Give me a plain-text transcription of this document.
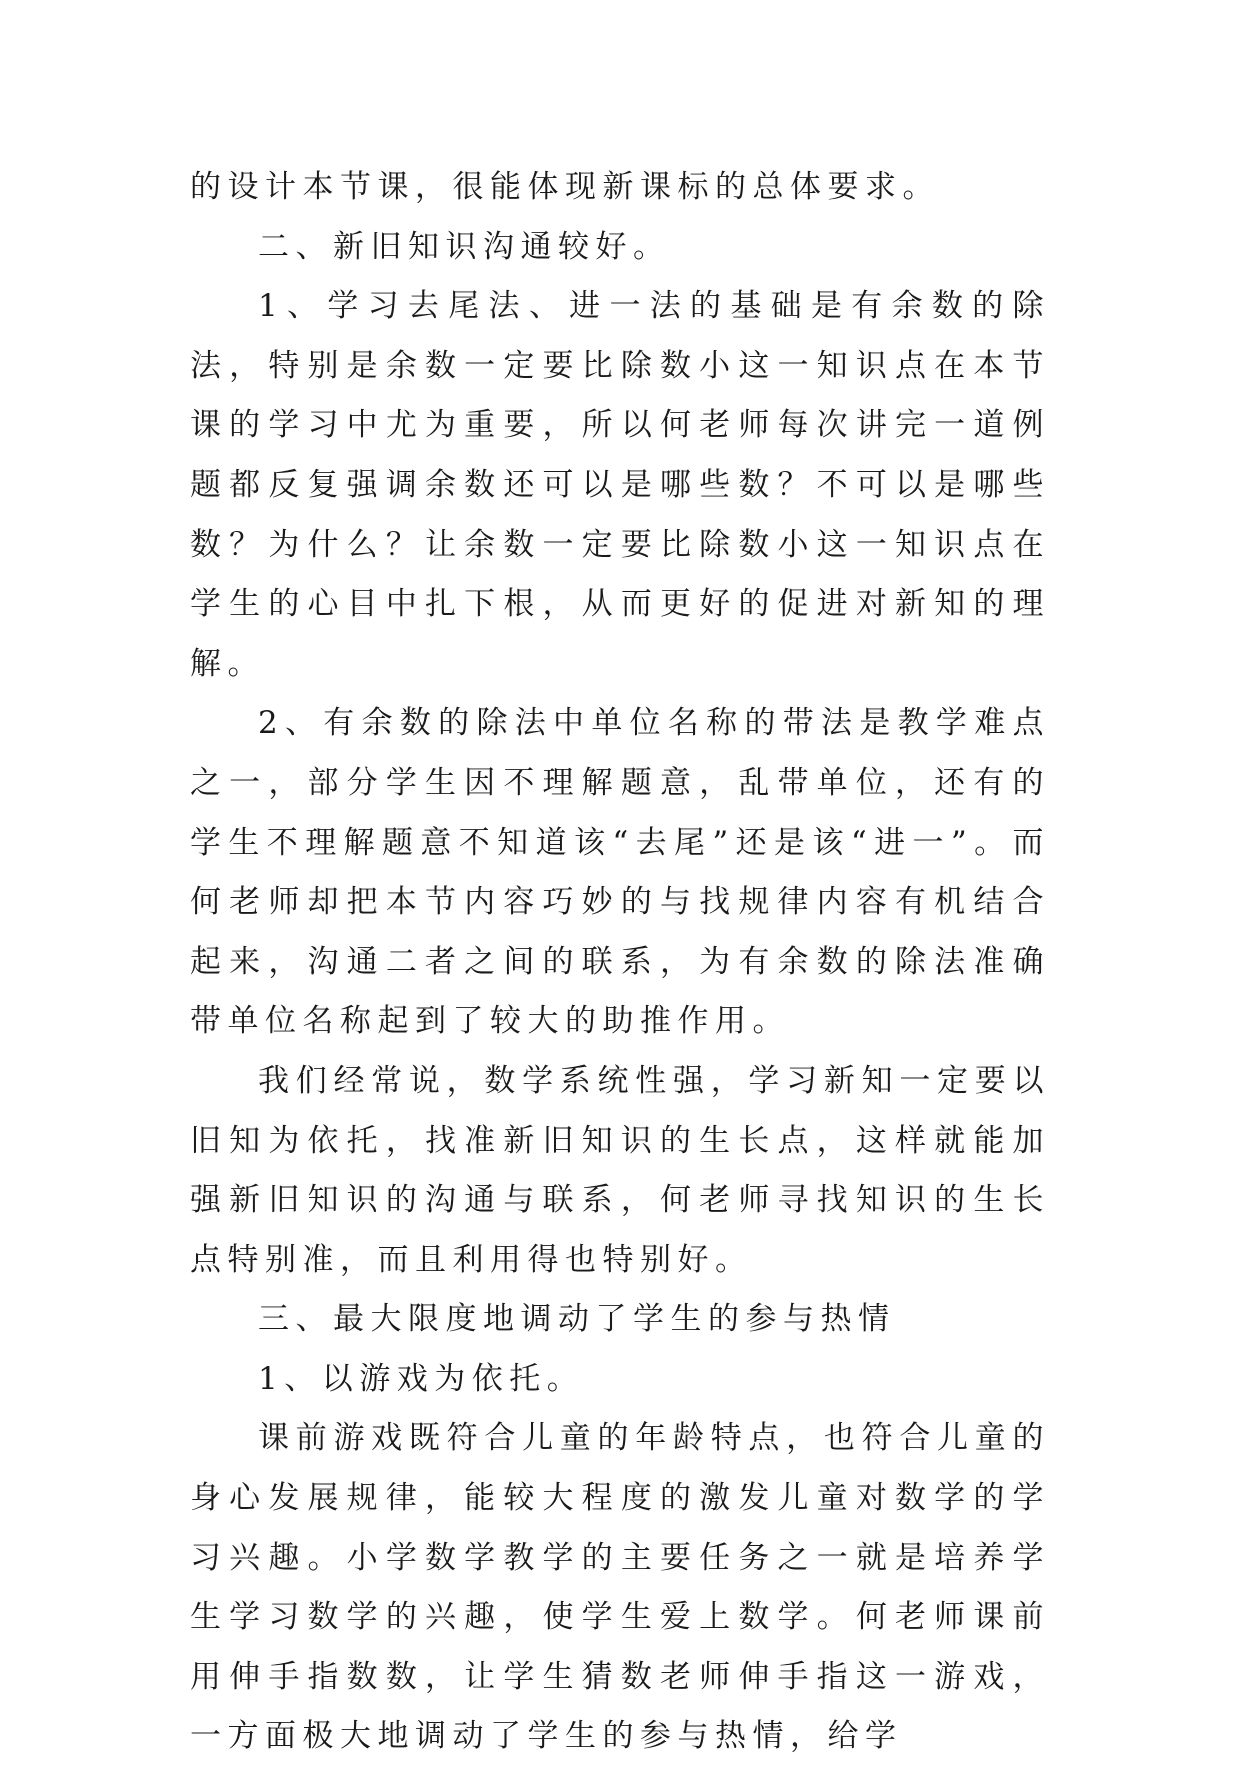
的设计本节课，很能体现新课标的总体要求。

二、新旧知识沟通较好。

1、学习去尾法、进一法的基础是有余数的除法，特别是余数一定要比除数小这一知识点在本节课的学习中尤为重要，所以何老师每次讲完一道例题都反复强调余数还可以是哪些数？不可以是哪些数？为什么？让余数一定要比除数小这一知识点在学生的心目中扎下根，从而更好的促进对新知的理解。

2、有余数的除法中单位名称的带法是教学难点之一，部分学生因不理解题意，乱带单位，还有的学生不理解题意不知道该“去尾”还是该“进一”。而何老师却把本节内容巧妙的与找规律内容有机结合起来，沟通二者之间的联系，为有余数的除法准确带单位名称起到了较大的助推作用。

我们经常说，数学系统性强，学习新知一定要以旧知为依托，找准新旧知识的生长点，这样就能加强新旧知识的沟通与联系，何老师寻找知识的生长点特别准，而且利用得也特别好。

三、最大限度地调动了学生的参与热情

1、以游戏为依托。

课前游戏既符合儿童的年龄特点，也符合儿童的身心发展规律，能较大程度的激发儿童对数学的学习兴趣。小学数学教学的主要任务之一就是培养学生学习数学的兴趣，使学生爱上数学。何老师课前用伸手指数数，让学生猜数老师伸手指这一游戏，一方面极大地调动了学生的参与热情，给学
